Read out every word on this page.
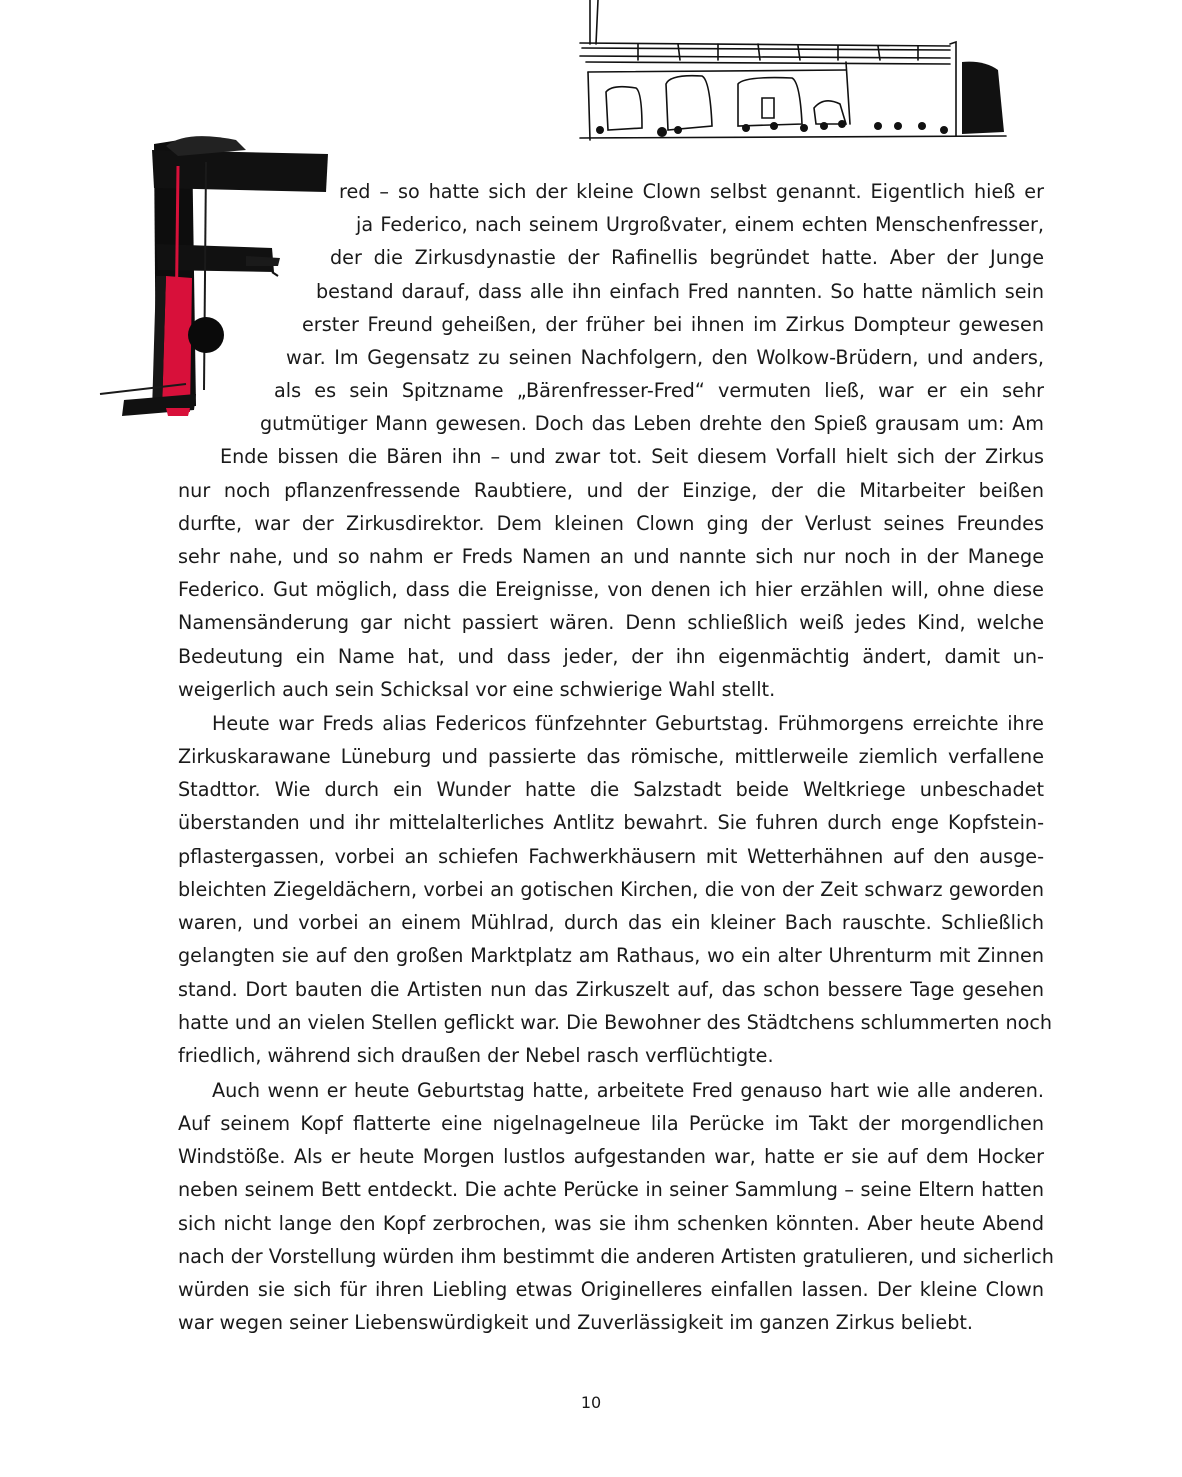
red – so hatte sich der kleine Clown selbst genannt. Eigentlich hieß er
ja Federico, nach seinem Urgroßvater, einem echten Menschenfresser,
der die Zirkusdynastie der Rafinellis begründet hatte. Aber der Junge
bestand darauf, dass alle ihn einfach Fred nannten. So hatte nämlich sein
erster Freund geheißen, der früher bei ihnen im Zirkus Dompteur gewesen
war. Im Gegensatz zu seinen Nachfolgern, den Wolkow-Brüdern, und anders,
als es sein Spitzname „Bärenfresser-Fred“ vermuten ließ, war er ein sehr
gutmütiger Mann gewesen. Doch das Leben drehte den Spieß grausam um: Am
Ende bissen die Bären ihn – und zwar tot. Seit diesem Vorfall hielt sich der Zirkus
nur noch pflanzenfressende Raubtiere, und der Einzige, der die Mitarbeiter beißen
durfte, war der Zirkusdirektor. Dem kleinen Clown ging der Verlust seines Freundes
sehr nahe, und so nahm er Freds Namen an und nannte sich nur noch in der Manege
Federico. Gut möglich, dass die Ereignisse, von denen ich hier erzählen will, ohne diese
Namensänderung gar nicht passiert wären. Denn schließlich weiß jedes Kind, welche
Bedeutung ein Name hat, und dass jeder, der ihn eigenmächtig ändert, damit un-
weigerlich auch sein Schicksal vor eine schwierige Wahl stellt.
Heute war Freds alias Federicos fünfzehnter Geburtstag. Frühmorgens erreichte ihre
Zirkuskarawane Lüneburg und passierte das römische, mittlerweile ziemlich verfallene
Stadttor. Wie durch ein Wunder hatte die Salzstadt beide Weltkriege unbeschadet
überstanden und ihr mittelalterliches Antlitz bewahrt. Sie fuhren durch enge Kopfstein-
pflastergassen, vorbei an schiefen Fachwerkhäusern mit Wetterhähnen auf den ausge-
bleichten Ziegeldächern, vorbei an gotischen Kirchen, die von der Zeit schwarz geworden
waren, und vorbei an einem Mühlrad, durch das ein kleiner Bach rauschte. Schließlich
gelangten sie auf den großen Marktplatz am Rathaus, wo ein alter Uhrenturm mit Zinnen
stand. Dort bauten die Artisten nun das Zirkuszelt auf, das schon bessere Tage gesehen
hatte und an vielen Stellen geflickt war. Die Bewohner des Städtchens schlummerten noch
friedlich, während sich draußen der Nebel rasch verflüchtigte.
Auch wenn er heute Geburtstag hatte, arbeitete Fred genauso hart wie alle anderen.
Auf seinem Kopf flatterte eine nigelnagelneue lila Perücke im Takt der morgendlichen
Windstöße. Als er heute Morgen lustlos aufgestanden war, hatte er sie auf dem Hocker
neben seinem Bett entdeckt. Die achte Perücke in seiner Sammlung – seine Eltern hatten
sich nicht lange den Kopf zerbrochen, was sie ihm schenken könnten. Aber heute Abend
nach der Vorstellung würden ihm bestimmt die anderen Artisten gratulieren, und sicherlich
würden sie sich für ihren Liebling etwas Originelleres einfallen lassen. Der kleine Clown
war wegen seiner Liebenswürdigkeit und Zuverlässigkeit im ganzen Zirkus beliebt.
10
